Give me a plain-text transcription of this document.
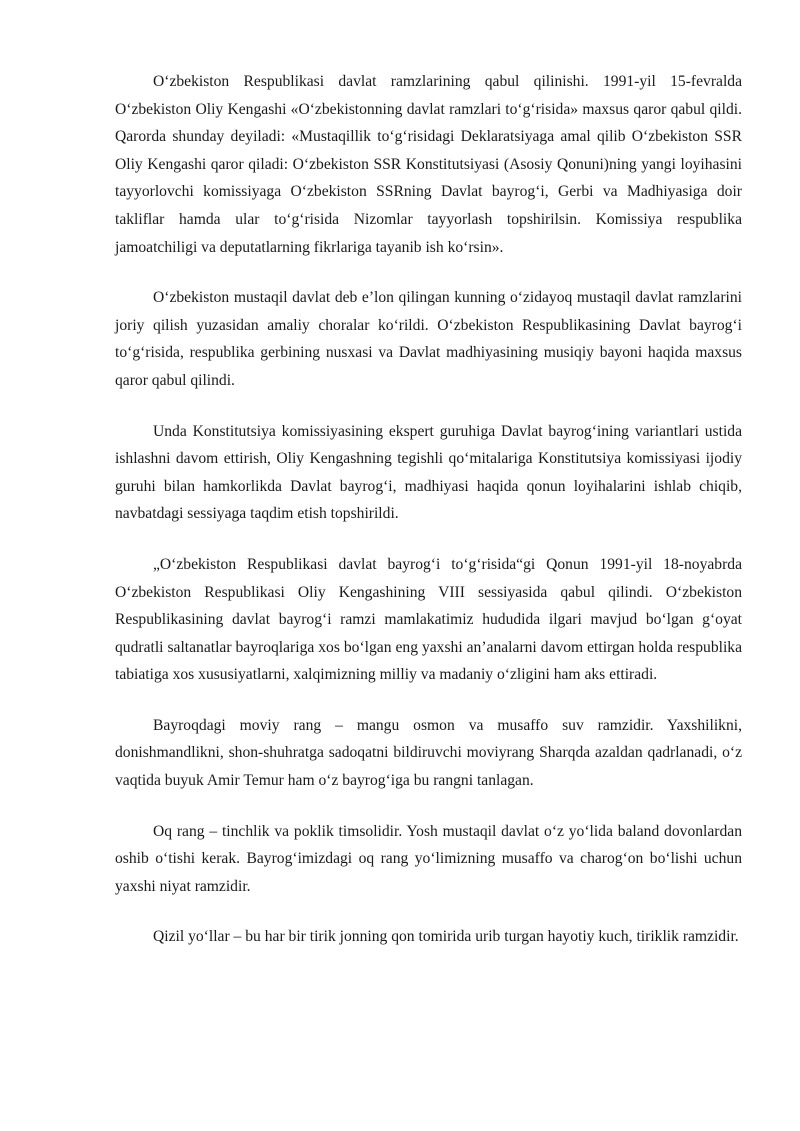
O‘zbekiston Respublikasi davlat ramzlarining qabul qilinishi. 1991-yil 15-fevralda O‘zbekiston Oliy Kengashi «O‘zbekistonning davlat ramzlari to‘g‘risida» maxsus qaror qabul qildi. Qarorda shunday deyiladi: «Mustaqillik to‘g‘risidagi Deklaratsiyaga amal qilib O‘zbekiston SSR Oliy Kengashi qaror qiladi: O‘zbekiston SSR Konstitutsiyasi (Asosiy Qonuni)ning yangi loyihasini tayyorlovchi komissiyaga O‘zbekiston SSRning Davlat bayrog‘i, Gerbi va Madhiyasiga doir takliflar hamda ular to‘g‘risida Nizomlar tayyorlash topshirilsin. Komissiya respublika jamoatchiligi va deputatlarning fikrlariga tayanib ish ko‘rsin».

O‘zbekiston mustaqil davlat deb e’lon qilingan kunning o‘zidayoq mustaqil davlat ramzlarini joriy qilish yuzasidan amaliy choralar ko‘rildi. O‘zbekiston Respublikasining Davlat bayrog‘i to‘g‘risida, respublika gerbining nusxasi va Davlat madhiyasining musiqiy bayoni haqida maxsus qaror qabul qilindi.

Unda Konstitutsiya komissiyasining ekspert guruhiga Davlat bayrog‘ining variantlari ustida ishlashni davom ettirish, Oliy Kengashning tegishli qo‘mitalariga Konstitutsiya komissiyasi ijodiy guruhi bilan hamkorlikda Davlat bayrog‘i, madhiyasi haqida qonun loyihalarini ishlab chiqib, navbatdagi sessiyaga taqdim etish topshirildi.

„O‘zbekiston Respublikasi davlat bayrog‘i to‘g‘risida“gi Qonun 1991-yil 18-noyabrda O‘zbekiston Respublikasi Oliy Kengashining VIII sessiyasida qabul qilindi. O‘zbekiston Respublikasining davlat bayrog‘i ramzi mamlakatimiz hududida ilgari mavjud bo‘lgan g‘oyat qudratli saltanatlar bayroqlariga xos bo‘lgan eng yaxshi an’analarni davom ettirgan holda respublika tabiatiga xos xususiyatlarni, xalqimizning milliy va madaniy o‘zligini ham aks ettiradi.

Bayroqdagi moviy rang – mangu osmon va musaffo suv ramzidir. Yaxshilikni, donishmandlikni, shon-shuhratga sadoqatni bildiruvchi moviyrang Sharqda azaldan qadrlanadi, o‘z vaqtida buyuk Amir Temur ham o‘z bayrog‘iga bu rangni tanlagan.

Oq rang – tinchlik va poklik timsolidir. Yosh mustaqil davlat o‘z yo‘lida baland dovonlardan oshib o‘tishi kerak. Bayrog‘imizdagi oq rang yo‘limizning musaffo va charog‘on bo‘lishi uchun yaxshi niyat ramzidir.

Qizil yo‘llar – bu har bir tirik jonning qon tomirida urib turgan hayotiy kuch, tiriklik ramzidir.
